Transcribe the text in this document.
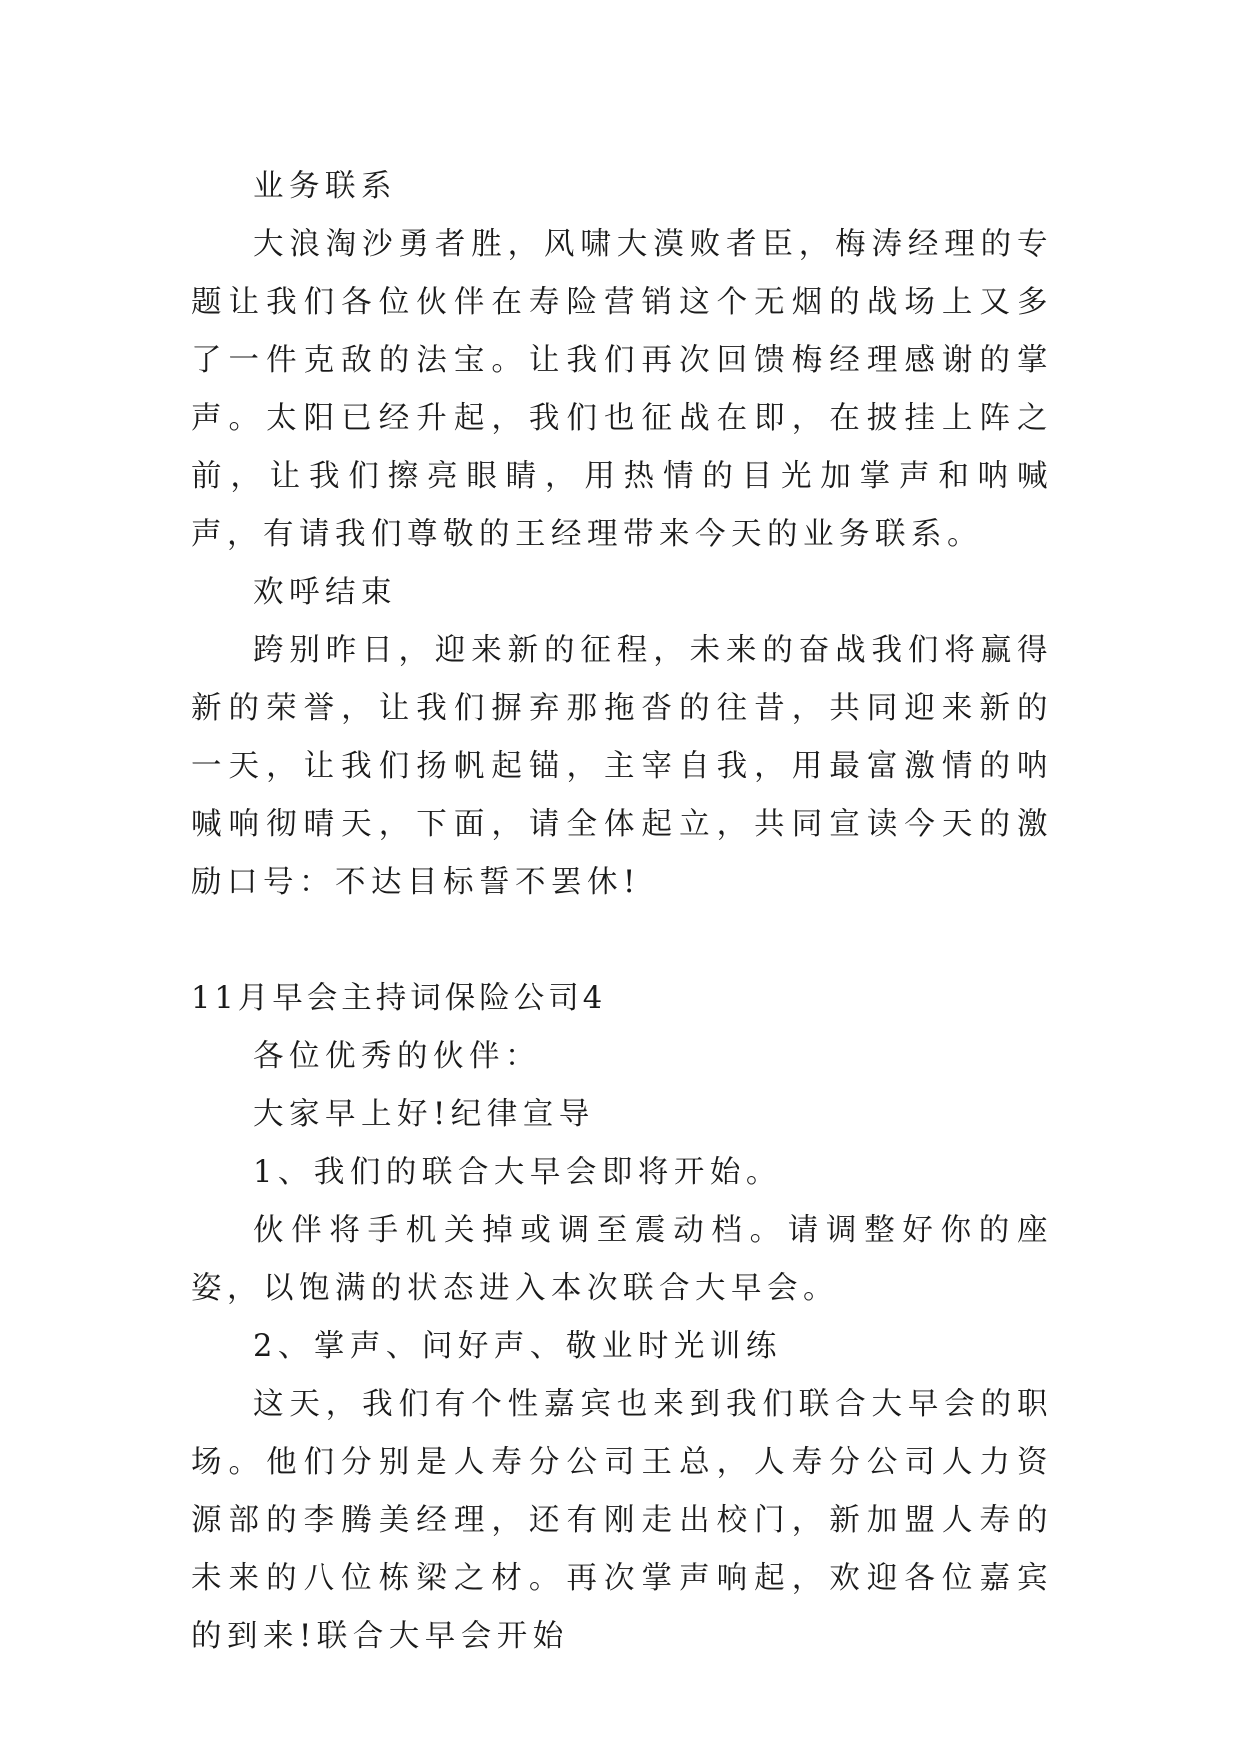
业务联系

大浪淘沙勇者胜，风啸大漠败者臣，梅涛经理的专题让我们各位伙伴在寿险营销这个无烟的战场上又多了一件克敌的法宝。让我们再次回馈梅经理感谢的掌声。太阳已经升起，我们也征战在即，在披挂上阵之前，让我们擦亮眼睛，用热情的目光加掌声和呐喊声，有请我们尊敬的王经理带来今天的业务联系。

欢呼结束

跨别昨日，迎来新的征程，未来的奋战我们将赢得新的荣誉，让我们摒弃那拖沓的往昔，共同迎来新的一天，让我们扬帆起锚，主宰自我，用最富激情的呐喊响彻晴天，下面，请全体起立，共同宣读今天的激励口号：不达目标誓不罢休!

11月早会主持词保险公司4

各位优秀的伙伴：

大家早上好!纪律宣导

1、我们的联合大早会即将开始。

伙伴将手机关掉或调至震动档。请调整好你的座姿，以饱满的状态进入本次联合大早会。

2、掌声、问好声、敬业时光训练

这天，我们有个性嘉宾也来到我们联合大早会的职场。他们分别是人寿分公司王总，人寿分公司人力资源部的李腾美经理，还有刚走出校门，新加盟人寿的未来的八位栋梁之材。再次掌声响起，欢迎各位嘉宾的到来!联合大早会开始
